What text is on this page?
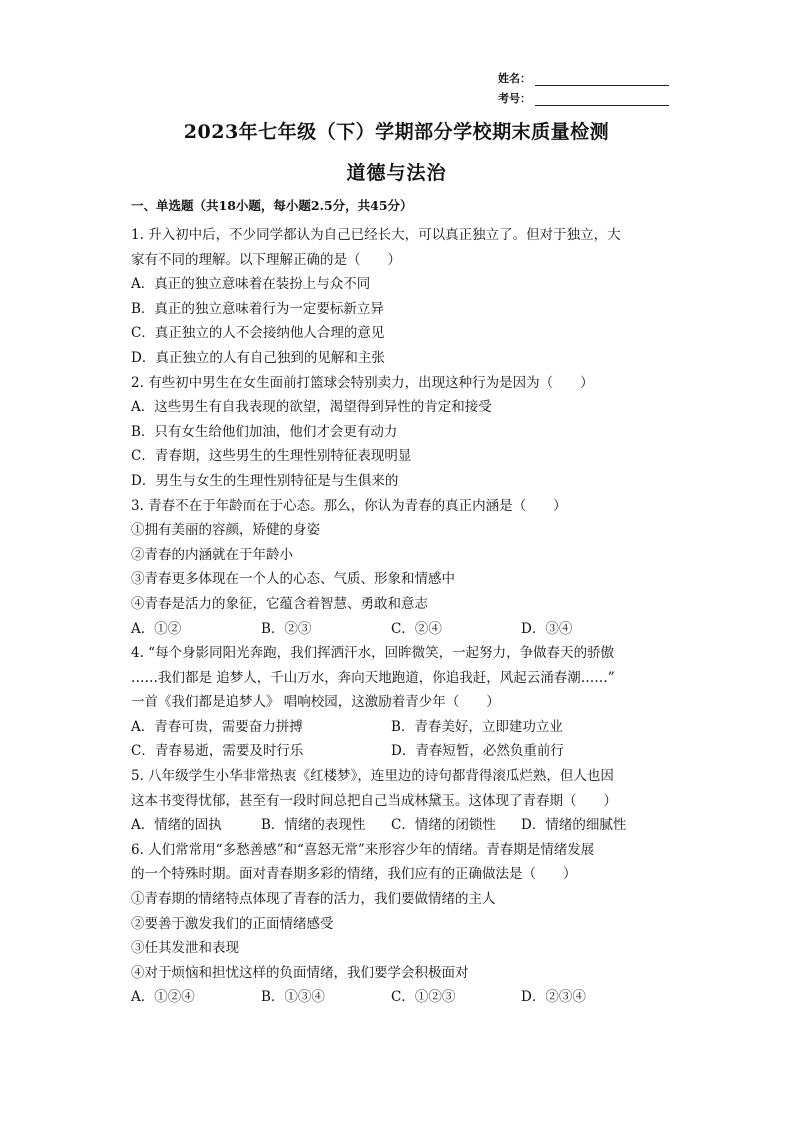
姓名：
考号：
2023年七年级（下）学期部分学校期末质量检测
道德与法治
一、单选题（共18小题，每小题2.5分，共45分）
1. 升入初中后，不少同学都认为自己已经长大，可以真正独立了。但对于独立，大
家有不同的理解。以下理解正确的是（　　）
A．真正的独立意味着在装扮上与众不同
B．真正的独立意味着行为一定要标新立异
C．真正独立的人不会接纳他人合理的意见
D．真正独立的人有自己独到的见解和主张
2. 有些初中男生在女生面前打篮球会特别卖力，出现这种行为是因为（　　）
A．这些男生有自我表现的欲望，渴望得到异性的肯定和接受
B．只有女生给他们加油，他们才会更有动力
C．青春期，这些男生的生理性别特征表现明显
D．男生与女生的生理性别特征是与生俱来的
3. 青春不在于年龄而在于心态。那么，你认为青春的真正内涵是（　　）
①拥有美丽的容颜，矫健的身姿
②青春的内涵就在于年龄小
③青春更多体现在一个人的心态、气质、形象和情感中
④青春是活力的象征，它蕴含着智慧、勇敢和意志
A．①②	B．②③	C．②④	D．③④
4. “每个身影同阳光奔跑，我们挥洒汗水，回眸微笑，一起努力，争做春天的骄傲
……我们都是 追梦人，千山万水，奔向天地跑道，你追我赶，风起云涌春潮……”
一首《我们都是追梦人》 唱响校园，这激励着青少年（　　）
A．青春可贵，需要奋力拼搏	B．青春美好，立即建功立业
C．青春易逝，需要及时行乐	D．青春短暂，必然负重前行
5. 八年级学生小华非常热衷《红楼梦》，连里边的诗句都背得滚瓜烂熟，但人也因
这本书变得忧郁，甚至有一段时间总把自己当成林黛玉。这体现了青春期（　　）
A．情绪的固执	B．情绪的表现性	C．情绪的闭锁性	D．情绪的细腻性
6. 人们常常用“多愁善感”和“喜怒无常”来形容少年的情绪。青春期是情绪发展
的一个特殊时期。面对青春期多彩的情绪，我们应有的正确做法是（　　）
①青春期的情绪特点体现了青春的活力，我们要做情绪的主人
②要善于激发我们的正面情绪感受
③任其发泄和表现
④对于烦恼和担忧这样的负面情绪，我们要学会积极面对
A．①②④	B．①③④	C．①②③	D．②③④
